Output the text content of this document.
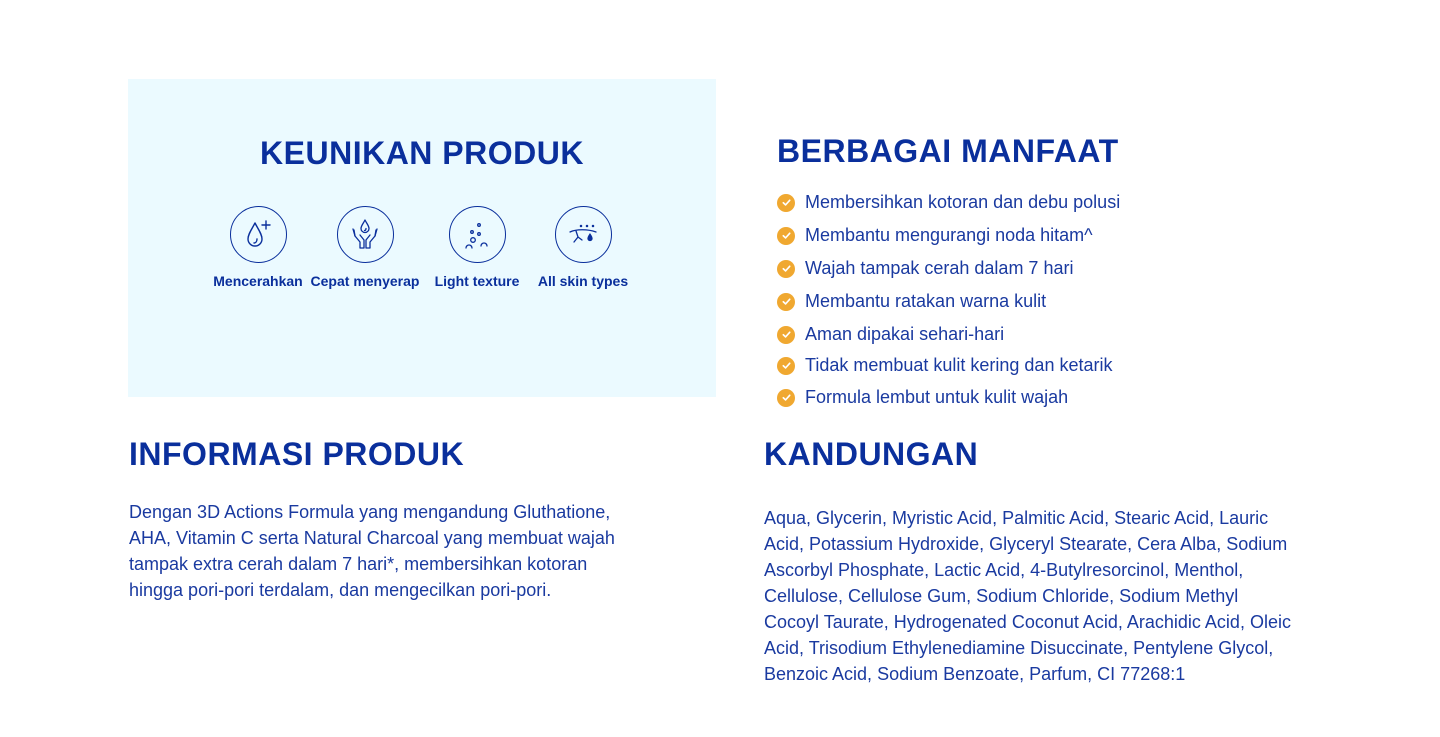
KEUNIKAN PRODUK
Mencerahkan Cepat menyerap Light texture All skin types
BERBAGAI MANFAAT
Membersihkan kotoran dan debu polusi
Membantu mengurangi noda hitam^
Wajah tampak cerah dalam 7 hari
Membantu ratakan warna kulit
Aman dipakai sehari-hari
Tidak membuat kulit kering dan ketarik
Formula lembut untuk kulit wajah
INFORMASI PRODUK

Dengan 3D Actions Formula yang mengandung Gluthatione, AHA, Vitamin C serta Natural Charcoal yang membuat wajah tampak extra cerah dalam 7 hari*, membersihkan kotoran hingga pori-pori terdalam, dan mengecilkan pori-pori.

KANDUNGAN

Aqua, Glycerin, Myristic Acid, Palmitic Acid, Stearic Acid, Lauric Acid, Potassium Hydroxide, Glyceryl Stearate, Cera Alba, Sodium Ascorbyl Phosphate, Lactic Acid, 4-Butylresorcinol, Menthol, Cellulose, Cellulose Gum, Sodium Chloride, Sodium Methyl Cocoyl Taurate, Hydrogenated Coconut Acid, Arachidic Acid, Oleic Acid, Trisodium Ethylenediamine Disuccinate, Pentylene Glycol, Benzoic Acid, Sodium Benzoate, Parfum, CI 77268:1
